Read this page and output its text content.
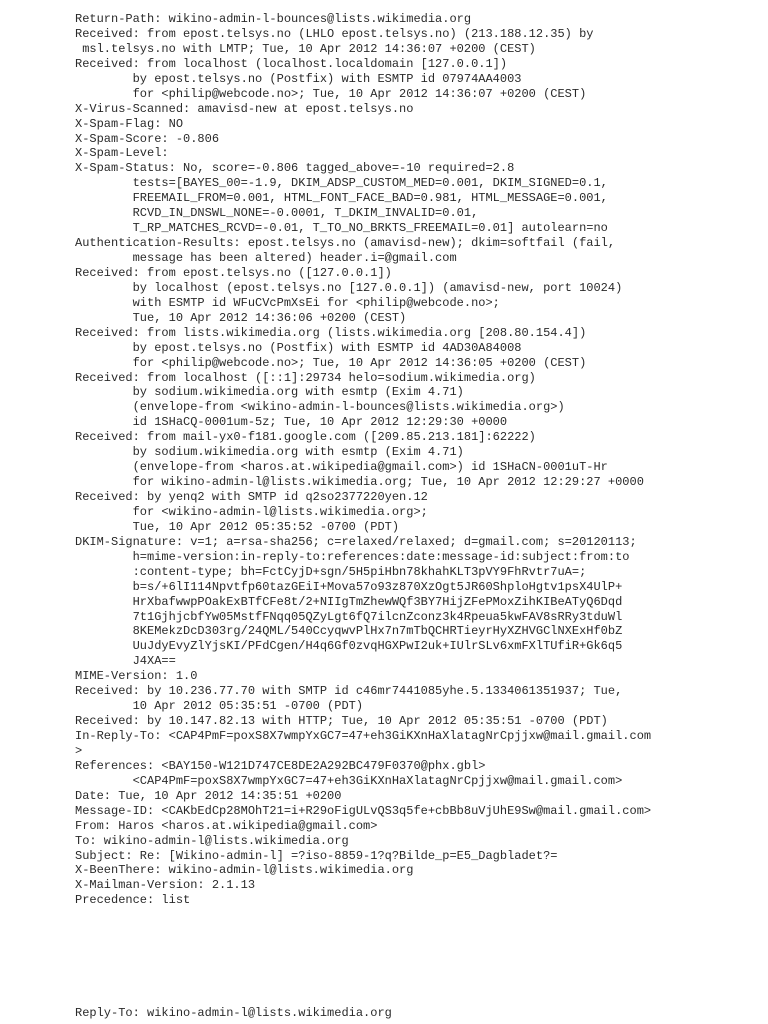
Return-Path: wikino-admin-l-bounces@lists.wikimedia.org
Received: from epost.telsys.no (LHLO epost.telsys.no) (213.188.12.35) by
msl.telsys.no with LMTP; Tue, 10 Apr 2012 14:36:07 +0200 (CEST)
Received: from localhost (localhost.localdomain [127.0.0.1])
by epost.telsys.no (Postfix) with ESMTP id 07974AA4003
for <philip@webcode.no>; Tue, 10 Apr 2012 14:36:07 +0200 (CEST)
X-Virus-Scanned: amavisd-new at epost.telsys.no
X-Spam-Flag: NO
X-Spam-Score: -0.806
X-Spam-Level:
X-Spam-Status: No, score=-0.806 tagged_above=-10 required=2.8
tests=[BAYES_00=-1.9, DKIM_ADSP_CUSTOM_MED=0.001, DKIM_SIGNED=0.1,
FREEMAIL_FROM=0.001, HTML_FONT_FACE_BAD=0.981, HTML_MESSAGE=0.001,
RCVD_IN_DNSWL_NONE=-0.0001, T_DKIM_INVALID=0.01,
T_RP_MATCHES_RCVD=-0.01, T_TO_NO_BRKTS_FREEMAIL=0.01] autolearn=no
Authentication-Results: epost.telsys.no (amavisd-new); dkim=softfail (fail,
message has been altered) header.i=@gmail.com
Received: from epost.telsys.no ([127.0.0.1])
by localhost (epost.telsys.no [127.0.0.1]) (amavisd-new, port 10024)
with ESMTP id WFuCVcPmXsEi for <philip@webcode.no>;
Tue, 10 Apr 2012 14:36:06 +0200 (CEST)
Received: from lists.wikimedia.org (lists.wikimedia.org [208.80.154.4])
by epost.telsys.no (Postfix) with ESMTP id 4AD30A84008
for <philip@webcode.no>; Tue, 10 Apr 2012 14:36:05 +0200 (CEST)
Received: from localhost ([::1]:29734 helo=sodium.wikimedia.org)
by sodium.wikimedia.org with esmtp (Exim 4.71)
(envelope-from <wikino-admin-l-bounces@lists.wikimedia.org>)
id 1SHaCQ-0001um-5z; Tue, 10 Apr 2012 12:29:30 +0000
Received: from mail-yx0-f181.google.com ([209.85.213.181]:62222)
by sodium.wikimedia.org with esmtp (Exim 4.71)
(envelope-from <haros.at.wikipedia@gmail.com>) id 1SHaCN-0001uT-Hr
for wikino-admin-l@lists.wikimedia.org; Tue, 10 Apr 2012 12:29:27 +0000
Received: by yenq2 with SMTP id q2so2377220yen.12
for <wikino-admin-l@lists.wikimedia.org>;
Tue, 10 Apr 2012 05:35:52 -0700 (PDT)
DKIM-Signature: v=1; a=rsa-sha256; c=relaxed/relaxed; d=gmail.com; s=20120113;
h=mime-version:in-reply-to:references:date:message-id:subject:from:to
:content-type; bh=FctCyjD+sgn/5H5piHbn78khahKLT3pVY9FhRvtr7uA=;
b=s/+6lI114Npvtfp60tazGEiI+Mova57o93z870XzOgt5JR60ShploHgtv1psX4UlP+
HrXbafwwpPOakExBTfCFe8t/2+NIIgTmZhewWQf3BY7HijZFePMoxZihKIBeATyQ6Dqd
7t1GjhjcbfYw05MstfFNqq05QZyLgt6fQ7ilcnZconz3k4Rpeua5kwFAV8sRRy3tduWl
8KEMekzDcD303rg/24QML/540CcyqwvPlHx7n7mTbQCHRTieyrHyXZHVGClNXExHf0bZ
UuJdyEvyZlYjsKI/PFdCgen/H4q6Gf0zvqHGXPwI2uk+IUlrSLv6xmFXlTUfiR+Gk6q5
J4XA==
MIME-Version: 1.0
Received: by 10.236.77.70 with SMTP id c46mr7441085yhe.5.1334061351937; Tue,
10 Apr 2012 05:35:51 -0700 (PDT)
Received: by 10.147.82.13 with HTTP; Tue, 10 Apr 2012 05:35:51 -0700 (PDT)
In-Reply-To: <CAP4PmF=poxS8X7wmpYxGC7=47+eh3GiKXnHaXlatagNrCpjjxw@mail.gmail.com
>
References: <BAY150-W121D747CE8DE2A292BC479F0370@phx.gbl>
<CAP4PmF=poxS8X7wmpYxGC7=47+eh3GiKXnHaXlatagNrCpjjxw@mail.gmail.com>
Date: Tue, 10 Apr 2012 14:35:51 +0200
Message-ID: <CAKbEdCp28MOhT21=i+R29oFigULvQS3q5fe+cbBb8uVjUhE9Sw@mail.gmail.com>
From: Haros <haros.at.wikipedia@gmail.com>
To: wikino-admin-l@lists.wikimedia.org
Subject: Re: [Wikino-admin-l] =?iso-8859-1?q?Bilde_p=E5_Dagbladet?=
X-BeenThere: wikino-admin-l@lists.wikimedia.org
X-Mailman-Version: 2.1.13
Precedence: list
Reply-To: wikino-admin-l@lists.wikimedia.org
